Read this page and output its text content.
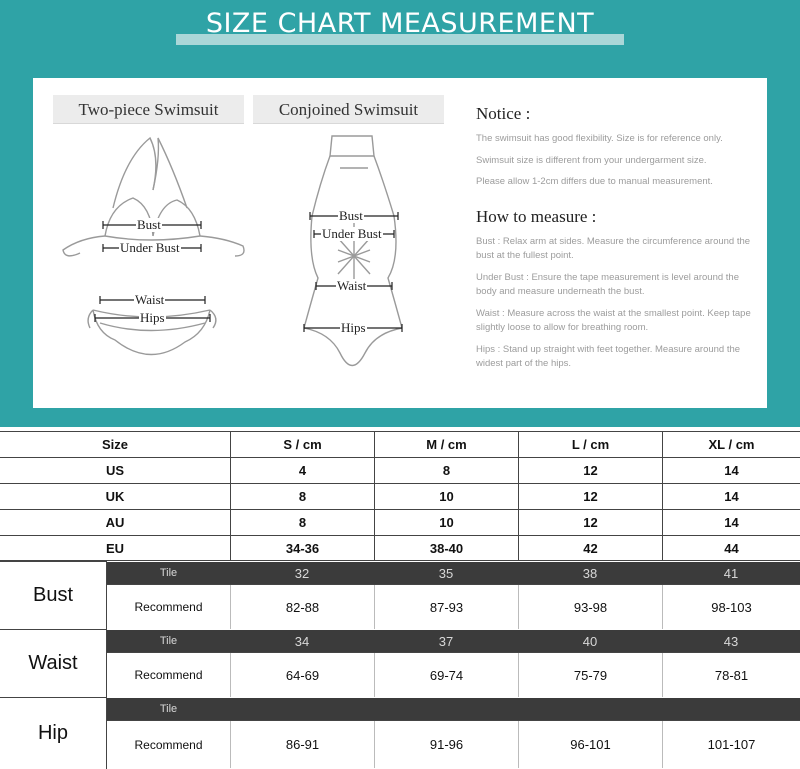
SIZE CHART MEASUREMENT
Two-piece Swimsuit	Conjoined Swimsuit
Bust
Under Bust
Waist
Hips
Bust
Under Bust
Waist
Hips
Notice :

The swimsuit has good flexibility. Size is for reference only.

Swimsuit size is different from your undergarment size.

Please allow 1-2cm differs due to manual measurement.

How to measure :

Bust : Relax arm at sides. Measure the circumference around the bust at the fullest point.

Under Bust : Ensure the tape measurement is level around the body and measure underneath the bust.

Waist : Measure across the waist at the smallest point. Keep tape slightly loose to allow for breathing room.

Hips : Stand up straight with feet together. Measure around the widest part of the hips.

Size	S / cm	M / cm	L / cm	XL / cm
US	4	8	12	14
UK	8	10	12	14
AU	8	10	12	14
EU	34-36	38-40	42	44
Bust
Tile	32	35	38	41
Recommend	82-88	87-93	93-98	98-103
Waist
Tile	34	37	40	43
Recommend	64-69	69-74	75-79	78-81
Hip
Tile
Recommend	86-91	91-96	96-101	101-107
